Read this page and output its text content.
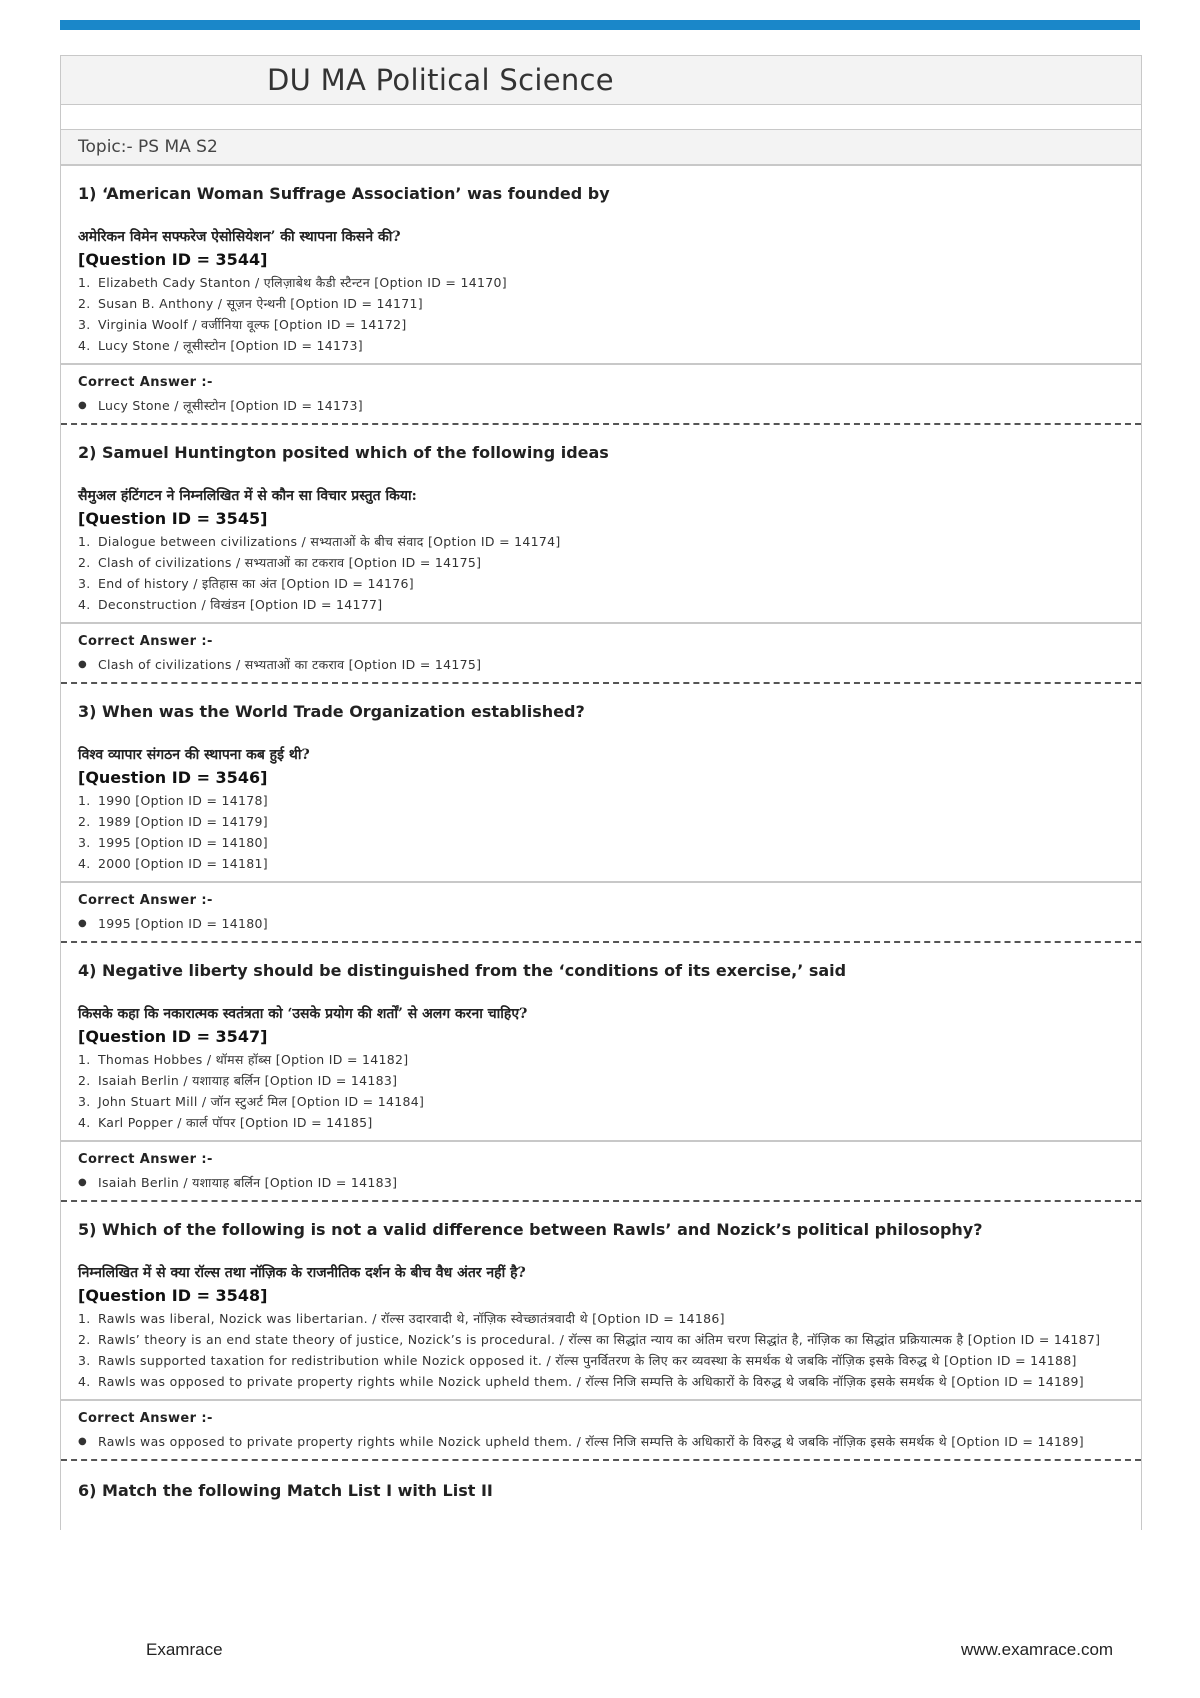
DU MA Political Science
Topic:- PS MA S2
1) ‘American Woman Suffrage Association’ was founded by
अमेरिकन विमेन सफ्फरेज ऐसोसियेशन’ की स्थापना किसने की?
[Question ID = 3544]
1. Elizabeth Cady Stanton / एलिज़ाबेथ कैडी स्टैन्टन [Option ID = 14170]
2. Susan B. Anthony / सूज़न ऐन्थनी [Option ID = 14171]
3. Virginia Woolf / वर्जीनिया वूल्फ [Option ID = 14172]
4. Lucy Stone / लूसीस्टोन [Option ID = 14173]
Correct Answer :-
● Lucy Stone / लूसीस्टोन [Option ID = 14173]
2) Samuel Huntington posited which of the following ideas
सैमुअल हंटिंगटन ने निम्नलिखित में से कौन सा विचार प्रस्तुत किया:
[Question ID = 3545]
1. Dialogue between civilizations / सभ्यताओं के बीच संवाद [Option ID = 14174]
2. Clash of civilizations / सभ्यताओं का टकराव [Option ID = 14175]
3. End of history / इतिहास का अंत [Option ID = 14176]
4. Deconstruction / विखंडन [Option ID = 14177]
Correct Answer :-
● Clash of civilizations / सभ्यताओं का टकराव [Option ID = 14175]
3) When was the World Trade Organization established?
विश्व व्यापार संगठन की स्थापना कब हुई थी?
[Question ID = 3546]
1. 1990 [Option ID = 14178]
2. 1989 [Option ID = 14179]
3. 1995 [Option ID = 14180]
4. 2000 [Option ID = 14181]
Correct Answer :-
● 1995 [Option ID = 14180]
4) Negative liberty should be distinguished from the ‘conditions of its exercise,’ said
किसके कहा कि नकारात्मक स्वतंत्रता को ‘उसके प्रयोग की शर्तों’ से अलग करना चाहिए?
[Question ID = 3547]
1. Thomas Hobbes / थॉमस हॉब्स [Option ID = 14182]
2. Isaiah Berlin / यशायाह बर्लिन [Option ID = 14183]
3. John Stuart Mill / जॉन स्टुअर्ट मिल [Option ID = 14184]
4. Karl Popper / कार्ल पॉपर [Option ID = 14185]
Correct Answer :-
● Isaiah Berlin / यशायाह बर्लिन [Option ID = 14183]
5) Which of the following is not a valid difference between Rawls’ and Nozick’s political philosophy?
निम्नलिखित में से क्या रॉल्स तथा नॉज़िक के राजनीतिक दर्शन के बीच वैध अंतर नहीं है?
[Question ID = 3548]
1. Rawls was liberal, Nozick was libertarian. / रॉल्स उदारवादी थे, नॉज़िक स्वेच्छातंत्रवादी थे [Option ID = 14186]
2. Rawls’ theory is an end state theory of justice, Nozick’s is procedural. / रॉल्स का सिद्धांत न्याय का अंतिम चरण सिद्धांत है, नॉज़िक का सिद्धांत प्रक्रियात्मक है [Option ID = 14187]
3. Rawls supported taxation for redistribution while Nozick opposed it. / रॉल्स पुनर्वितरण के लिए कर व्यवस्था के समर्थक थे जबकि नॉज़िक इसके विरुद्ध थे [Option ID = 14188]
4. Rawls was opposed to private property rights while Nozick upheld them. / रॉल्स निजि सम्पत्ति के अधिकारों के विरुद्ध थे जबकि नॉज़िक इसके समर्थक थे [Option ID = 14189]
Correct Answer :-
● Rawls was opposed to private property rights while Nozick upheld them. / रॉल्स निजि सम्पत्ति के अधिकारों के विरुद्ध थे जबकि नॉज़िक इसके समर्थक थे [Option ID = 14189]
6) Match the following Match List I with List II
Examrace	www.examrace.com
